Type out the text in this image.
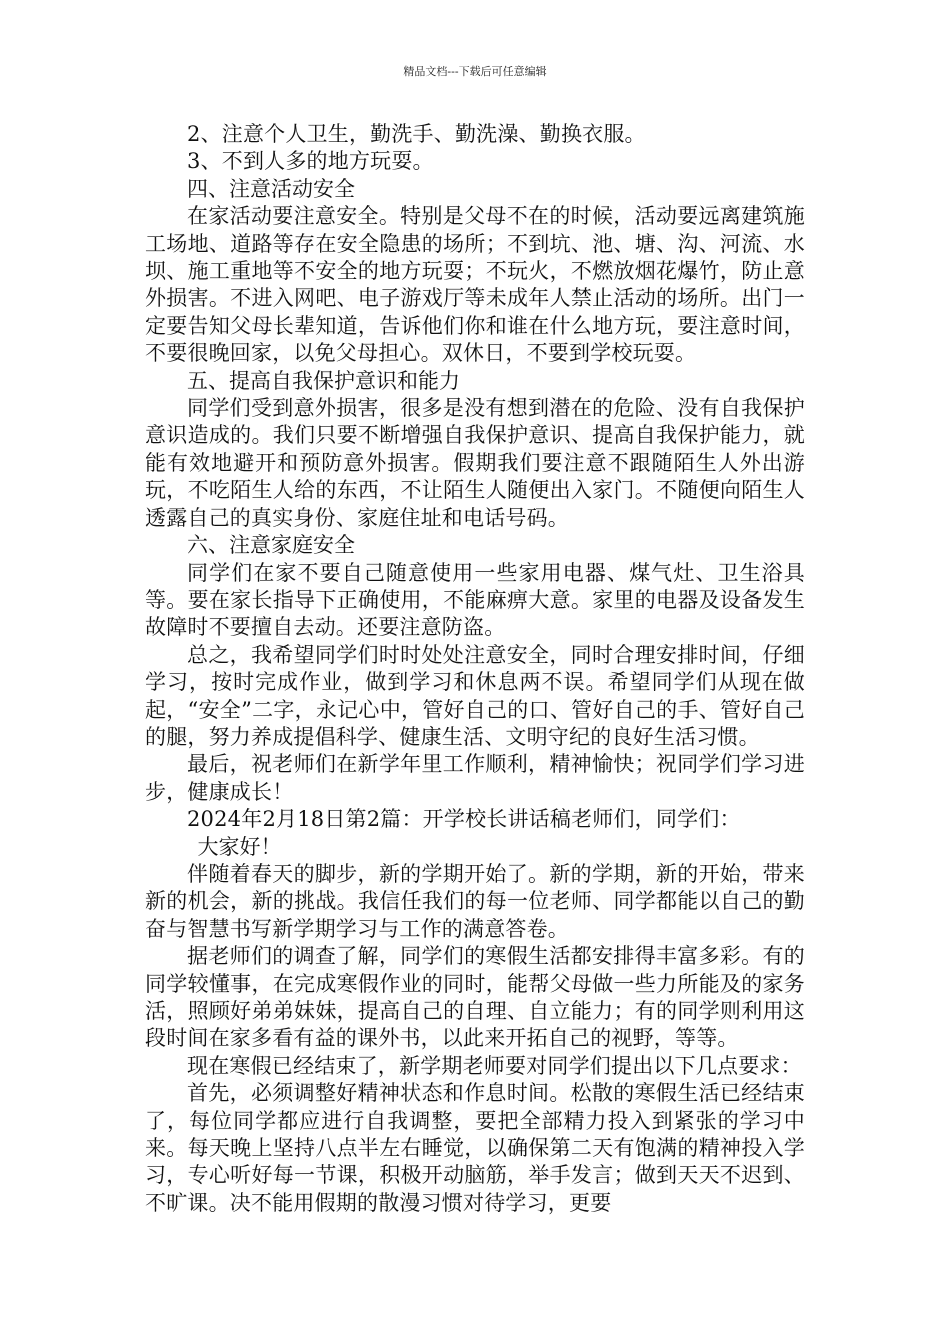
精品文档---下载后可任意编辑

2、注意个人卫生，勤洗手、勤洗澡、勤换衣服。

3、不到人多的地方玩耍。

四、注意活动安全

在家活动要注意安全。特别是父母不在的时候，活动要远离建筑施工场地、道路等存在安全隐患的场所；不到坑、池、塘、沟、河流、水坝、施工重地等不安全的地方玩耍；不玩火，不燃放烟花爆竹，防止意外损害。不进入网吧、电子游戏厅等未成年人禁止活动的场所。出门一定要告知父母长辈知道，告诉他们你和谁在什么地方玩，要注意时间，不要很晚回家，以免父母担心。双休日，不要到学校玩耍。

五、提高自我保护意识和能力

同学们受到意外损害，很多是没有想到潜在的危险、没有自我保护意识造成的。我们只要不断增强自我保护意识、提高自我保护能力，就能有效地避开和预防意外损害。假期我们要注意不跟随陌生人外出游玩，不吃陌生人给的东西，不让陌生人随便出入家门。不随便向陌生人透露自己的真实身份、家庭住址和电话号码。

六、注意家庭安全

同学们在家不要自己随意使用一些家用电器、煤气灶、卫生浴具等。要在家长指导下正确使用，不能麻痹大意。家里的电器及设备发生故障时不要擅自去动。还要注意防盗。

总之，我希望同学们时时处处注意安全，同时合理安排时间，仔细学习，按时完成作业，做到学习和休息两不误。希望同学们从现在做起，“安全”二字，永记心中，管好自己的口、管好自己的手、管好自己的腿，努力养成提倡科学、健康生活、文明守纪的良好生活习惯。

最后，祝老师们在新学年里工作顺利，精神愉快；祝同学们学习进步，健康成长！

2024年2月18日第2篇：开学校长讲话稿老师们，同学们：

大家好！

伴随着春天的脚步，新的学期开始了。新的学期，新的开始，带来新的机会，新的挑战。我信任我们的每一位老师、同学都能以自己的勤奋与智慧书写新学期学习与工作的满意答卷。

据老师们的调查了解，同学们的寒假生活都安排得丰富多彩。有的同学较懂事，在完成寒假作业的同时，能帮父母做一些力所能及的家务活，照顾好弟弟妹妹，提高自己的自理、自立能力；有的同学则利用这段时间在家多看有益的课外书，以此来开拓自己的视野，等等。

现在寒假已经结束了，新学期老师要对同学们提出以下几点要求：

首先，必须调整好精神状态和作息时间。松散的寒假生活已经结束了，每位同学都应进行自我调整，要把全部精力投入到紧张的学习中来。每天晚上坚持八点半左右睡觉，以确保第二天有饱满的精神投入学习，专心听好每一节课，积极开动脑筋，举手发言；做到天天不迟到、不旷课。决不能用假期的散漫习惯对待学习，更要
